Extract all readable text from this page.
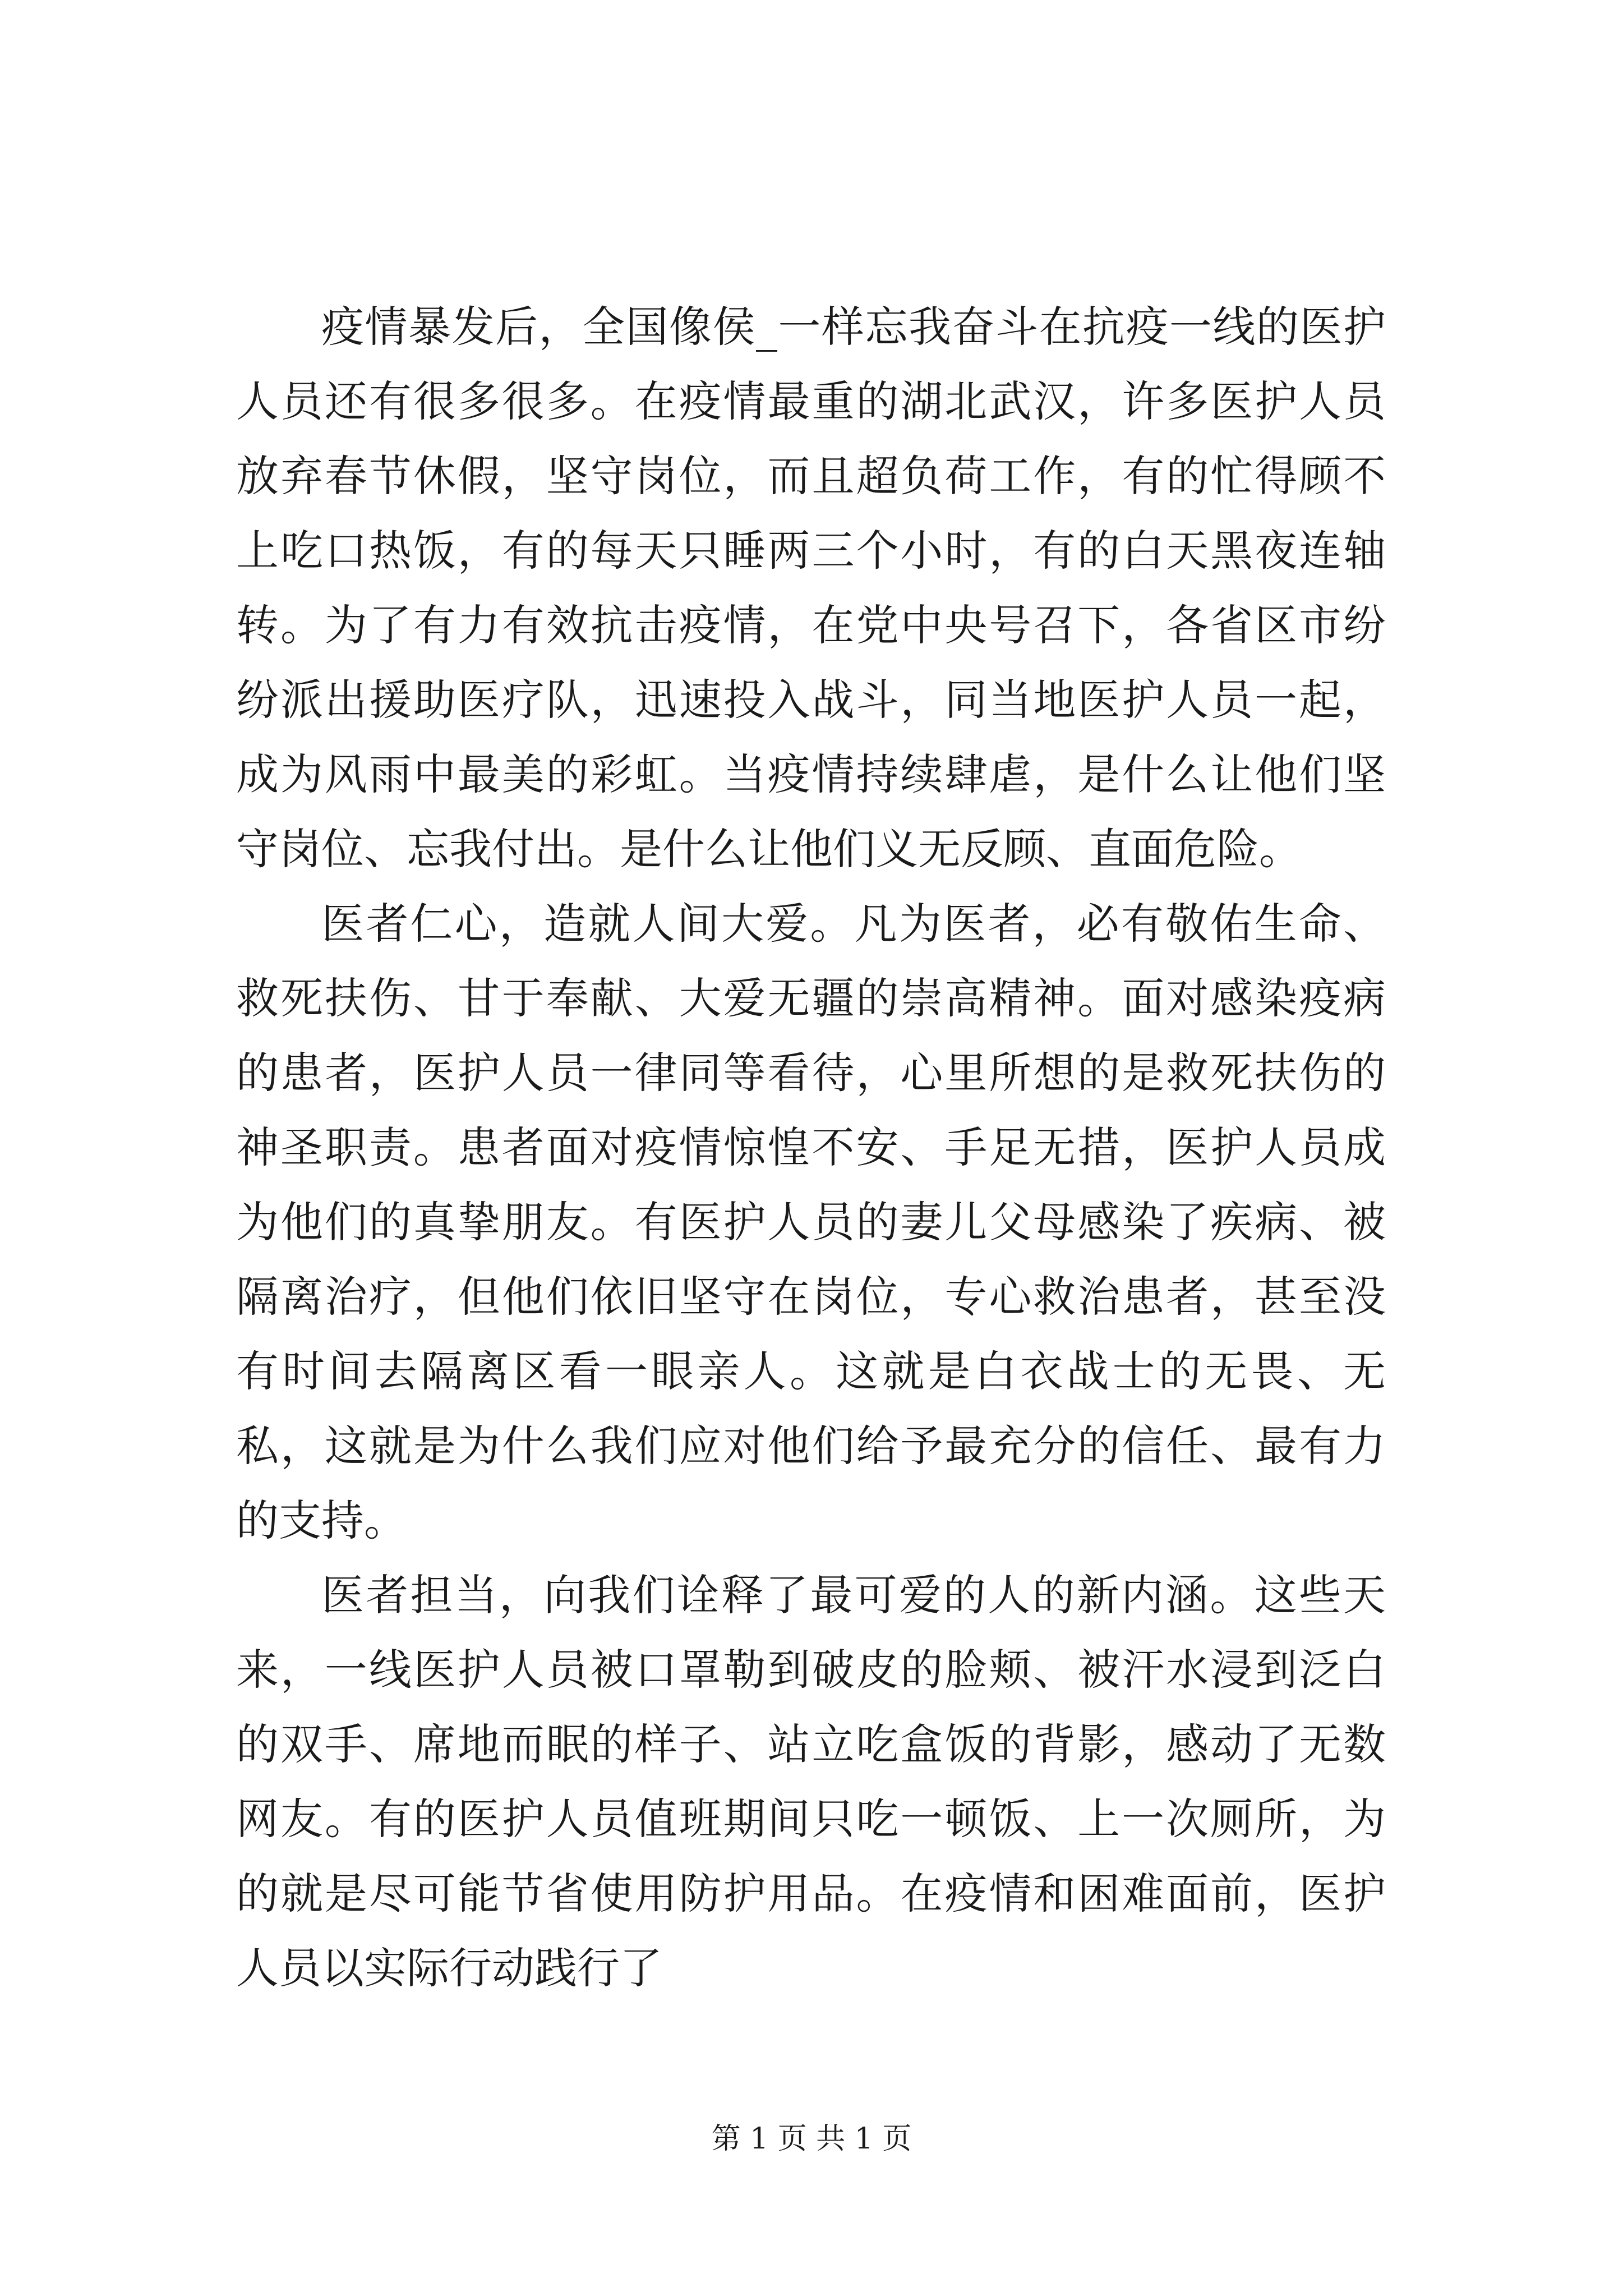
疫情暴发后，全国像侯_一样忘我奋斗在抗疫一线的医护人员还有很多很多。在疫情最重的湖北武汉，许多医护人员放弃春节休假，坚守岗位，而且超负荷工作，有的忙得顾不上吃口热饭，有的每天只睡两三个小时，有的白天黑夜连轴转。为了有力有效抗击疫情，在党中央号召下，各省区市纷纷派出援助医疗队，迅速投入战斗，同当地医护人员一起，成为风雨中最美的彩虹。当疫情持续肆虐，是什么让他们坚守岗位、忘我付出。是什么让他们义无反顾、直面危险。

医者仁心，造就人间大爱。凡为医者，必有敬佑生命、救死扶伤、甘于奉献、大爱无疆的崇高精神。面对感染疫病的患者，医护人员一律同等看待，心里所想的是救死扶伤的神圣职责。患者面对疫情惊惶不安、手足无措，医护人员成为他们的真挚朋友。有医护人员的妻儿父母感染了疾病、被隔离治疗，但他们依旧坚守在岗位，专心救治患者，甚至没有时间去隔离区看一眼亲人。这就是白衣战士的无畏、无私，这就是为什么我们应对他们给予最充分的信任、最有力的支持。

医者担当，向我们诠释了最可爱的人的新内涵。这些天来，一线医护人员被口罩勒到破皮的脸颊、被汗水浸到泛白的双手、席地而眠的样子、站立吃盒饭的背影，感动了无数网友。有的医护人员值班期间只吃一顿饭、上一次厕所，为的就是尽可能节省使用防护用品。在疫情和困难面前，医护人员以实际行动践行了

第 1 页 共 1 页
